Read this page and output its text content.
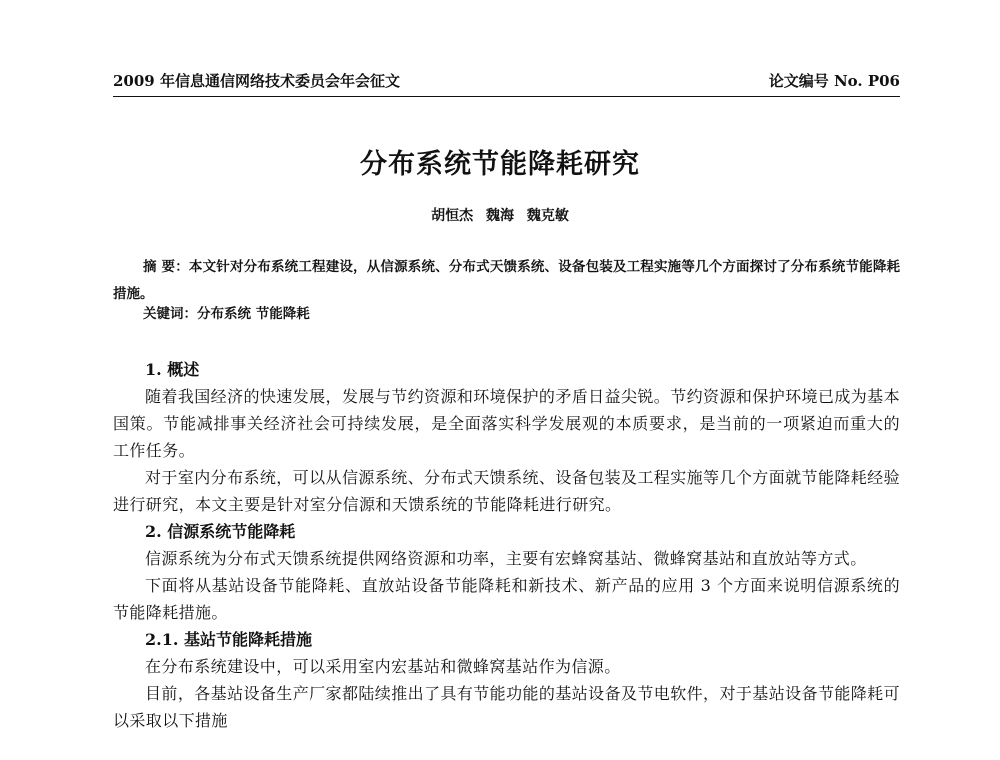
2009 年信息通信网络技术委员会年会征文	论文编号 No. P06
分布系统节能降耗研究
胡恒杰 魏海 魏克敏
摘 要：本文针对分布系统工程建设，从信源系统、分布式天馈系统、设备包装及工程实施等几个方面探讨了分布系统节能降耗措施。
关键词：分布系统 节能降耗
1. 概述

随着我国经济的快速发展，发展与节约资源和环境保护的矛盾日益尖锐。节约资源和保护环境已成为基本国策。节能减排事关经济社会可持续发展，是全面落实科学发展观的本质要求，是当前的一项紧迫而重大的工作任务。

对于室内分布系统，可以从信源系统、分布式天馈系统、设备包装及工程实施等几个方面就节能降耗经验进行研究，本文主要是针对室分信源和天馈系统的节能降耗进行研究。

2. 信源系统节能降耗

信源系统为分布式天馈系统提供网络资源和功率，主要有宏蜂窝基站、微蜂窝基站和直放站等方式。

下面将从基站设备节能降耗、直放站设备节能降耗和新技术、新产品的应用 3 个方面来说明信源系统的节能降耗措施。

2.1. 基站节能降耗措施

在分布系统建设中，可以采用室内宏基站和微蜂窝基站作为信源。

目前，各基站设备生产厂家都陆续推出了具有节能功能的基站设备及节电软件，对于基站设备节能降耗可以采取以下措施
